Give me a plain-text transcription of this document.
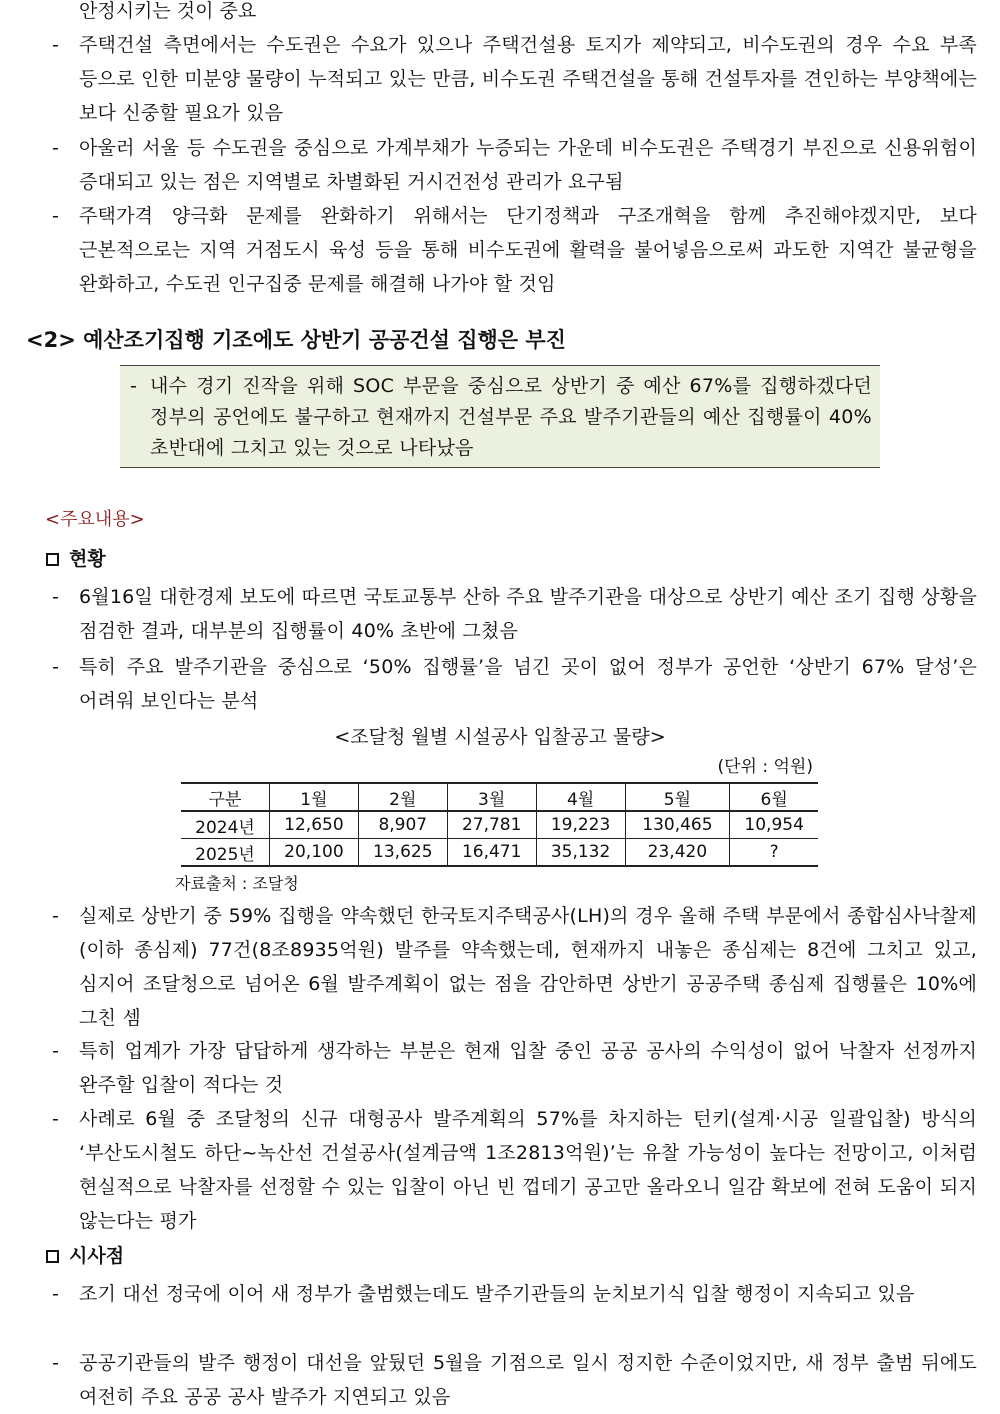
안정시키는 것이 중요
- 주택건설 측면에서는 수도권은 수요가 있으나 주택건설용 토지가 제약되고, 비수도권의 경우 수요 부족 등으로 인한 미분양 물량이 누적되고 있는 만큼, 비수도권 주택건설을 통해 건설투자를 견인하는 부양책에는 보다 신중할 필요가 있음
- 아울러 서울 등 수도권을 중심으로 가계부채가 누증되는 가운데 비수도권은 주택경기 부진으로 신용위험이 증대되고 있는 점은 지역별로 차별화된 거시건전성 관리가 요구됨
- 주택가격 양극화 문제를 완화하기 위해서는 단기정책과 구조개혁을 함께 추진해야겠지만, 보다 근본적으로는 지역 거점도시 육성 등을 통해 비수도권에 활력을 불어넣음으로써 과도한 지역간 불균형을 완화하고, 수도권 인구집중 문제를 해결해 나가야 할 것임
<2> 예산조기집행 기조에도 상반기 공공건설 집행은 부진
- 내수 경기 진작을 위해 SOC 부문을 중심으로 상반기 중 예산 67%를 집행하겠다던 정부의 공언에도 불구하고 현재까지 건설부문 주요 발주기관들의 예산 집행률이 40% 초반대에 그치고 있는 것으로 나타났음
<주요내용>
현황
- 6월16일 대한경제 보도에 따르면 국토교통부 산하 주요 발주기관을 대상으로 상반기 예산 조기 집행 상황을 점검한 결과, 대부분의 집행률이 40% 초반에 그쳤음
- 특히 주요 발주기관을 중심으로 ‘50% 집행률’을 넘긴 곳이 없어 정부가 공언한 ‘상반기 67% 달성’은 어려워 보인다는 분석
<조달청 월별 시설공사 입찰공고 물량>
(단위 : 억원)
구분	1월	2월	3월	4월	5월	6월
2024년	12,650	8,907	27,781	19,223	130,465	10,954
2025년	20,100	13,625	16,471	35,132	23,420	?
자료출처 : 조달청
- 실제로 상반기 중 59% 집행을 약속했던 한국토지주택공사(LH)의 경우 올해 주택 부문에서 종합심사낙찰제(이하 종심제) 77건(8조8935억원) 발주를 약속했는데, 현재까지 내놓은 종심제는 8건에 그치고 있고, 심지어 조달청으로 넘어온 6월 발주계획이 없는 점을 감안하면 상반기 공공주택 종심제 집행률은 10%에 그친 셈
- 특히 업계가 가장 답답하게 생각하는 부분은 현재 입찰 중인 공공 공사의 수익성이 없어 낙찰자 선정까지 완주할 입찰이 적다는 것
- 사례로 6월 중 조달청의 신규 대형공사 발주계획의 57%를 차지하는 턴키(설계·시공 일괄입찰) 방식의 ‘부산도시철도 하단~녹산선 건설공사(설계금액 1조2813억원)’는 유찰 가능성이 높다는 전망이고, 이처럼 현실적으로 낙찰자를 선정할 수 있는 입찰이 아닌 빈 껍데기 공고만 올라오니 일감 확보에 전혀 도움이 되지 않는다는 평가
시사점
- 조기 대선 정국에 이어 새 정부가 출범했는데도 발주기관들의 눈치보기식 입찰 행정이 지속되고 있음
- 공공기관들의 발주 행정이 대선을 앞뒀던 5월을 기점으로 일시 정지한 수준이었지만, 새 정부 출범 뒤에도 여전히 주요 공공 공사 발주가 지연되고 있음
